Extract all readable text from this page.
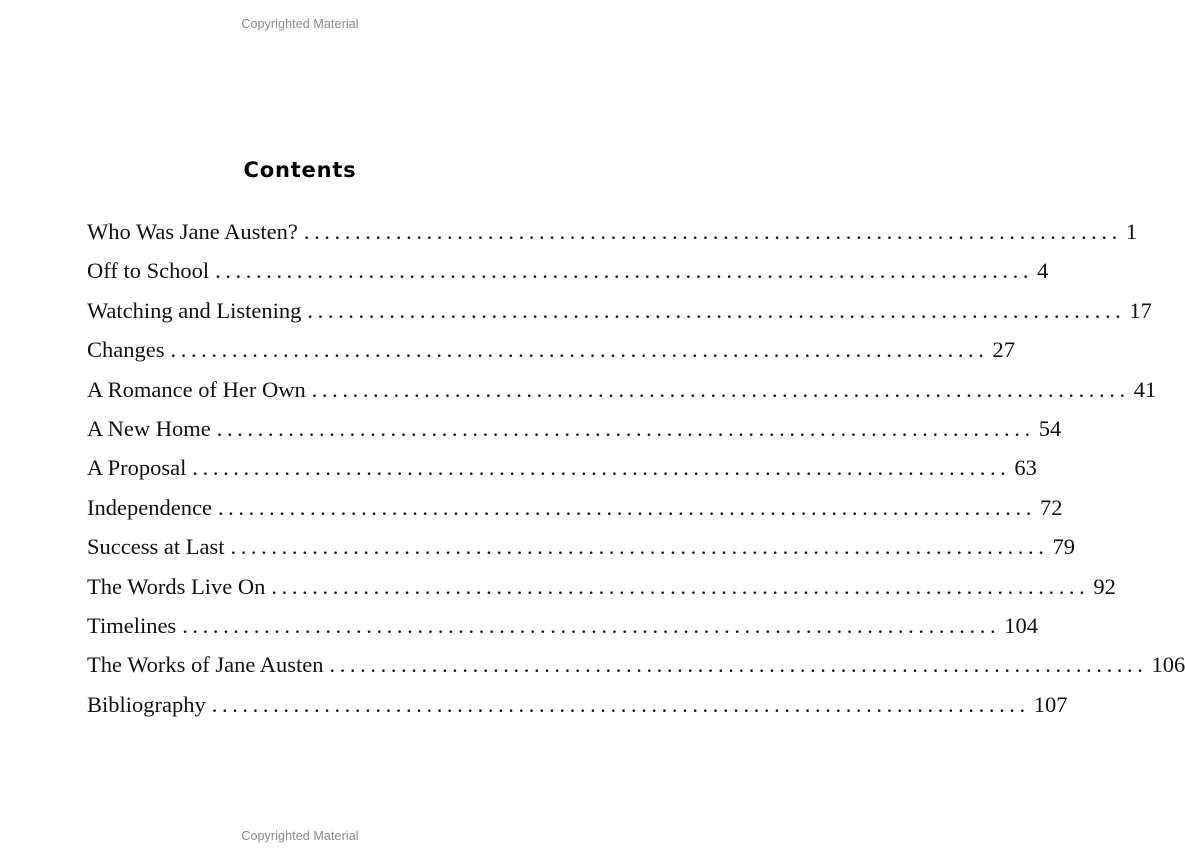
Copyrighted Material
Contents
Who Was Jane Austen? ................................................................................ 1
Off to School ................................................................................ 4
Watching and Listening ................................................................................ 17
Changes ................................................................................ 27
A Romance of Her Own ................................................................................ 41
A New Home ................................................................................ 54
A Proposal ................................................................................ 63
Independence ................................................................................ 72
Success at Last ................................................................................ 79
The Words Live On ................................................................................ 92
Timelines ................................................................................ 104
The Works of Jane Austen ................................................................................ 106
Bibliography ................................................................................ 107
Copyrighted Material
